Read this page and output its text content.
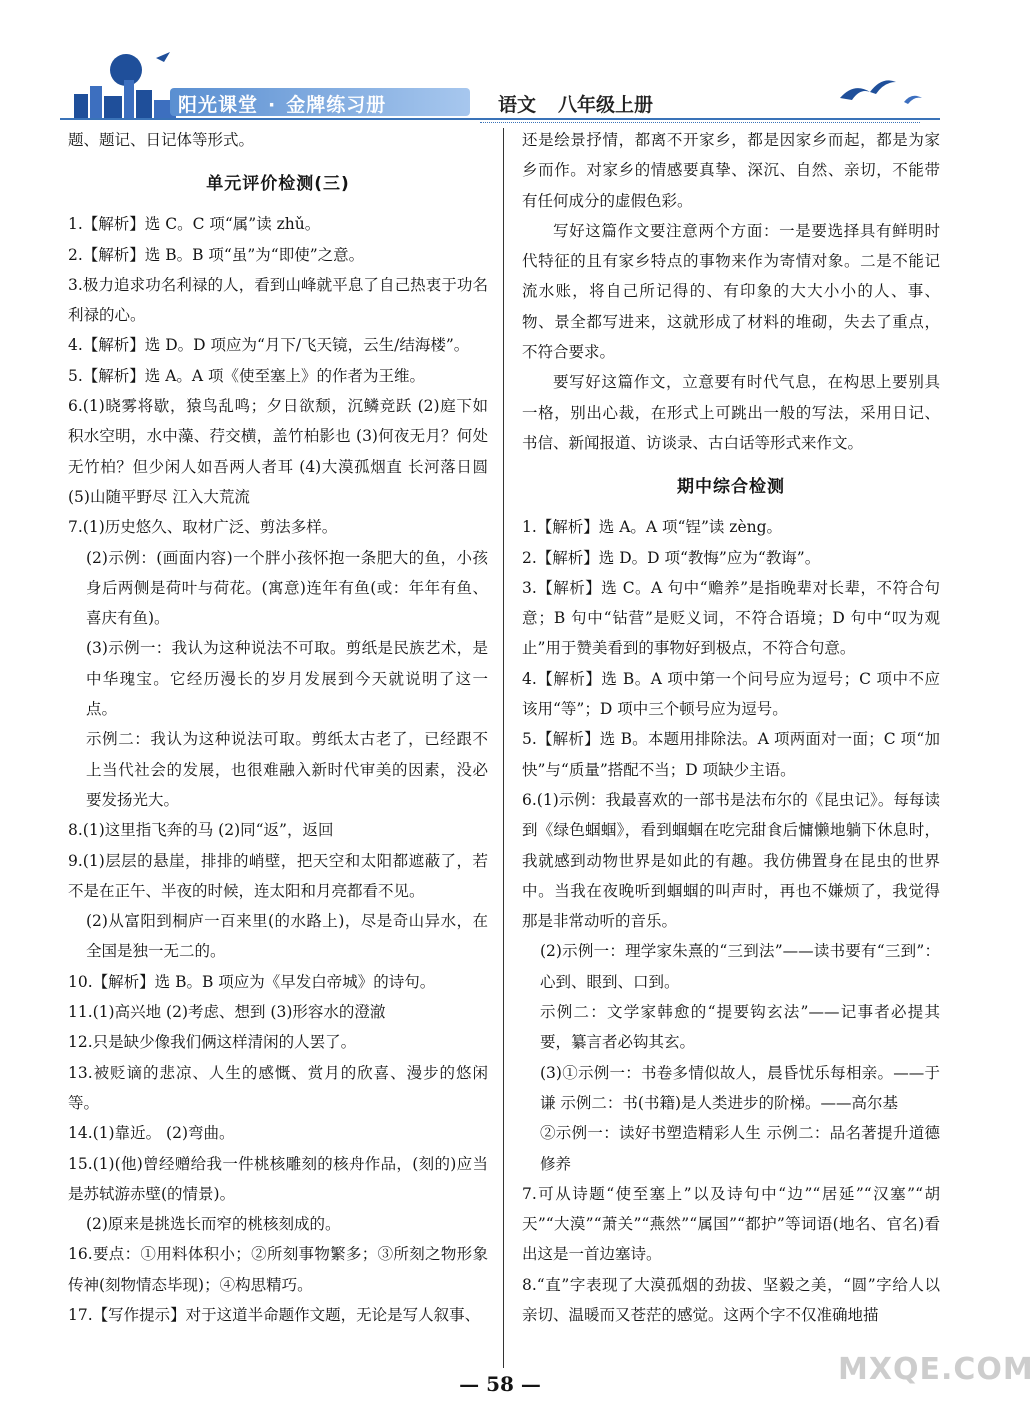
阳光课堂 · 金牌练习册	语文 八年级上册

题、题记、日记体等形式。

单元评价检测(三)

1.【解析】选 C。C 项“属”读 zhǔ。

2.【解析】选 B。B 项“虽”为“即使”之意。

3.极力追求功名利禄的人，看到山峰就平息了自己热衷于功名利禄的心。

4.【解析】选 D。D 项应为“月下/飞天镜，云生/结海楼”。

5.【解析】选 A。A 项《使至塞上》的作者为王维。

6.(1)晓雾将歇，猿鸟乱鸣；夕日欲颓，沉鳞竞跃 (2)庭下如积水空明，水中藻、荇交横，盖竹柏影也 (3)何夜无月？何处无竹柏？但少闲人如吾两人者耳 (4)大漠孤烟直 长河落日圆 (5)山随平野尽 江入大荒流

7.(1)历史悠久、取材广泛、剪法多样。

(2)示例：(画面内容)一个胖小孩怀抱一条肥大的鱼，小孩身后两侧是荷叶与荷花。(寓意)连年有鱼(或：年年有鱼、喜庆有鱼)。

(3)示例一：我认为这种说法不可取。剪纸是民族艺术，是中华瑰宝。它经历漫长的岁月发展到今天就说明了这一点。

示例二：我认为这种说法可取。剪纸太古老了，已经跟不上当代社会的发展，也很难融入新时代审美的因素，没必要发扬光大。

8.(1)这里指飞奔的马 (2)同“返”，返回

9.(1)层层的悬崖，排排的峭壁，把天空和太阳都遮蔽了，若不是在正午、半夜的时候，连太阳和月亮都看不见。

(2)从富阳到桐庐一百来里(的水路上)，尽是奇山异水，在全国是独一无二的。

10.【解析】选 B。B 项应为《早发白帝城》的诗句。

11.(1)高兴地 (2)考虑、想到 (3)形容水的澄澈

12.只是缺少像我们俩这样清闲的人罢了。

13.被贬谪的悲凉、人生的感慨、赏月的欣喜、漫步的悠闲等。

14.(1)靠近。 (2)弯曲。

15.(1)(他)曾经赠给我一件桃核雕刻的核舟作品，(刻的)应当是苏轼游赤壁(的情景)。

(2)原来是挑选长而窄的桃核刻成的。

16.要点：①用料体积小；②所刻事物繁多；③所刻之物形象传神(刻物情态毕现)；④构思精巧。

17.【写作提示】对于这道半命题作文题，无论是写人叙事、

还是绘景抒情，都离不开家乡，都是因家乡而起，都是为家乡而作。对家乡的情感要真挚、深沉、自然、亲切，不能带有任何成分的虚假色彩。

写好这篇作文要注意两个方面：一是要选择具有鲜明时代特征的且有家乡特点的事物来作为寄情对象。二是不能记流水账，将自己所记得的、有印象的大大小小的人、事、物、景全都写进来，这就形成了材料的堆砌，失去了重点，不符合要求。

要写好这篇作文，立意要有时代气息，在构思上要别具一格，别出心裁，在形式上可跳出一般的写法，采用日记、书信、新闻报道、访谈录、古白话等形式来作文。

期中综合检测

1.【解析】选 A。A 项“锃”读 zèng。

2.【解析】选 D。D 项“教悔”应为“教诲”。

3.【解析】选 C。A 句中“赡养”是指晚辈对长辈，不符合句意；B 句中“钻营”是贬义词，不符合语境；D 句中“叹为观止”用于赞美看到的事物好到极点，不符合句意。

4.【解析】选 B。A 项中第一个问号应为逗号；C 项中不应该用“等”；D 项中三个顿号应为逗号。

5.【解析】选 B。本题用排除法。A 项两面对一面；C 项“加快”与“质量”搭配不当；D 项缺少主语。

6.(1)示例：我最喜欢的一部书是法布尔的《昆虫记》。每每读到《绿色蝈蝈》，看到蝈蝈在吃完甜食后慵懒地躺下休息时，我就感到动物世界是如此的有趣。我仿佛置身在昆虫的世界中。当我在夜晚听到蝈蝈的叫声时，再也不嫌烦了，我觉得那是非常动听的音乐。

(2)示例一：理学家朱熹的“三到法”——读书要有“三到”：心到、眼到、口到。

示例二：文学家韩愈的“提要钩玄法”——记事者必提其要，纂言者必钩其玄。

(3)①示例一：书卷多情似故人，晨昏忧乐每相亲。——于谦 示例二：书(书籍)是人类进步的阶梯。——高尔基

②示例一：读好书塑造精彩人生 示例二：品名著提升道德修养

7.可从诗题“使至塞上”以及诗句中“边”“居延”“汉塞”“胡天”“大漠”“萧关”“燕然”“属国”“都护”等词语(地名、官名)看出这是一首边塞诗。

8.“直”字表现了大漠孤烟的劲拔、坚毅之美，“圆”字给人以亲切、温暖而又苍茫的感觉。这两个字不仅准确地描

— 58 —	MXQE.COM
